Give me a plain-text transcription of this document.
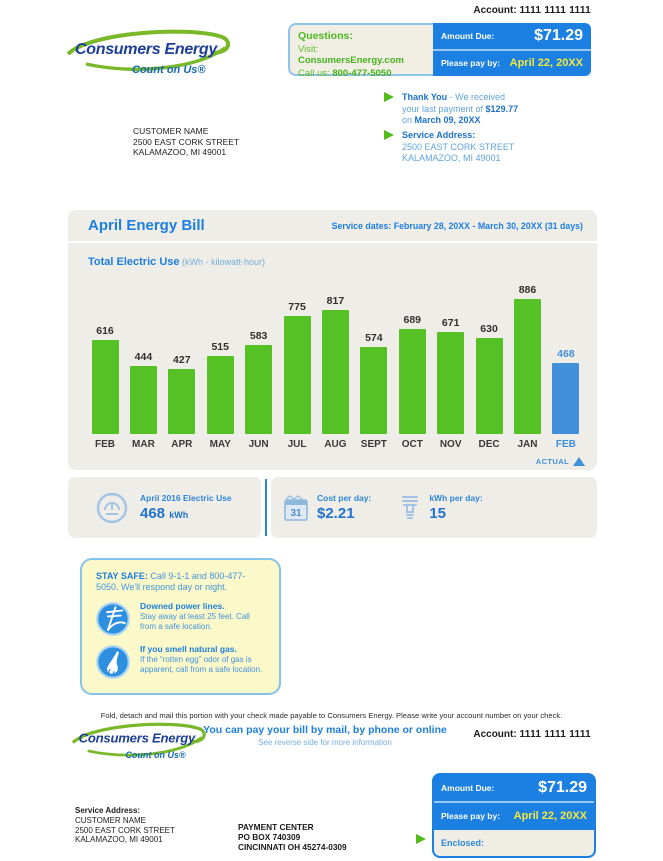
Account: 1111 1111 1111
Consumers Energy
Count on Us®
Questions:
Visit: ConsumersEnergy.com
Call us: 800-477-5050
Amount Due: $71.29
Please pay by: April 22, 20XX
Thank You - We received
your last payment of $129.77
on March 09, 20XX
Service Address:
2500 EAST CORK STREET
KALAMAZOO, MI 49001
CUSTOMER NAME
2500 EAST CORK STREET
KALAMAZOO, MI 49001
April Energy Bill	Service dates: February 28, 20XX - March 30, 20XX (31 days)
Total Electric Use (kWh - kilowatt-hour)
616
FEB
444
MAR
427
APR
515
MAY
583
JUN
775
JUL
817
AUG
574
SEPT
689
OCT
671
NOV
630
DEC
886
JAN
468
FEB
ACTUAL
April 2016 Electric Use
468 kWh	31
Cost per day:
$2.21
kWh per day:
15
STAY SAFE: Call 9-1-1 and 800-477-5050. We'll respond day or night.
Downed power lines.
Stay away at least 25 feet. Call from a safe location.
If you smell natural gas.
If the “rotten egg” odor of gas is apparent, call from a safe location.
Fold, detach and mail this portion with your check made payable to Consumers Energy. Please write your account number on your check.
Consumers Energy
Count on Us®
You can pay your bill by mail, by phone or online
See reverse side for more information
Account: 1111 1111 1111
Service Address:
CUSTOMER NAME
2500 EAST CORK STREET
KALAMAZOO, MI 49001
PAYMENT CENTER
PO BOX 740309
CINCINNATI OH 45274-0309
Amount Due:	$71.29
Please pay by: April 22, 20XX
Enclosed:
